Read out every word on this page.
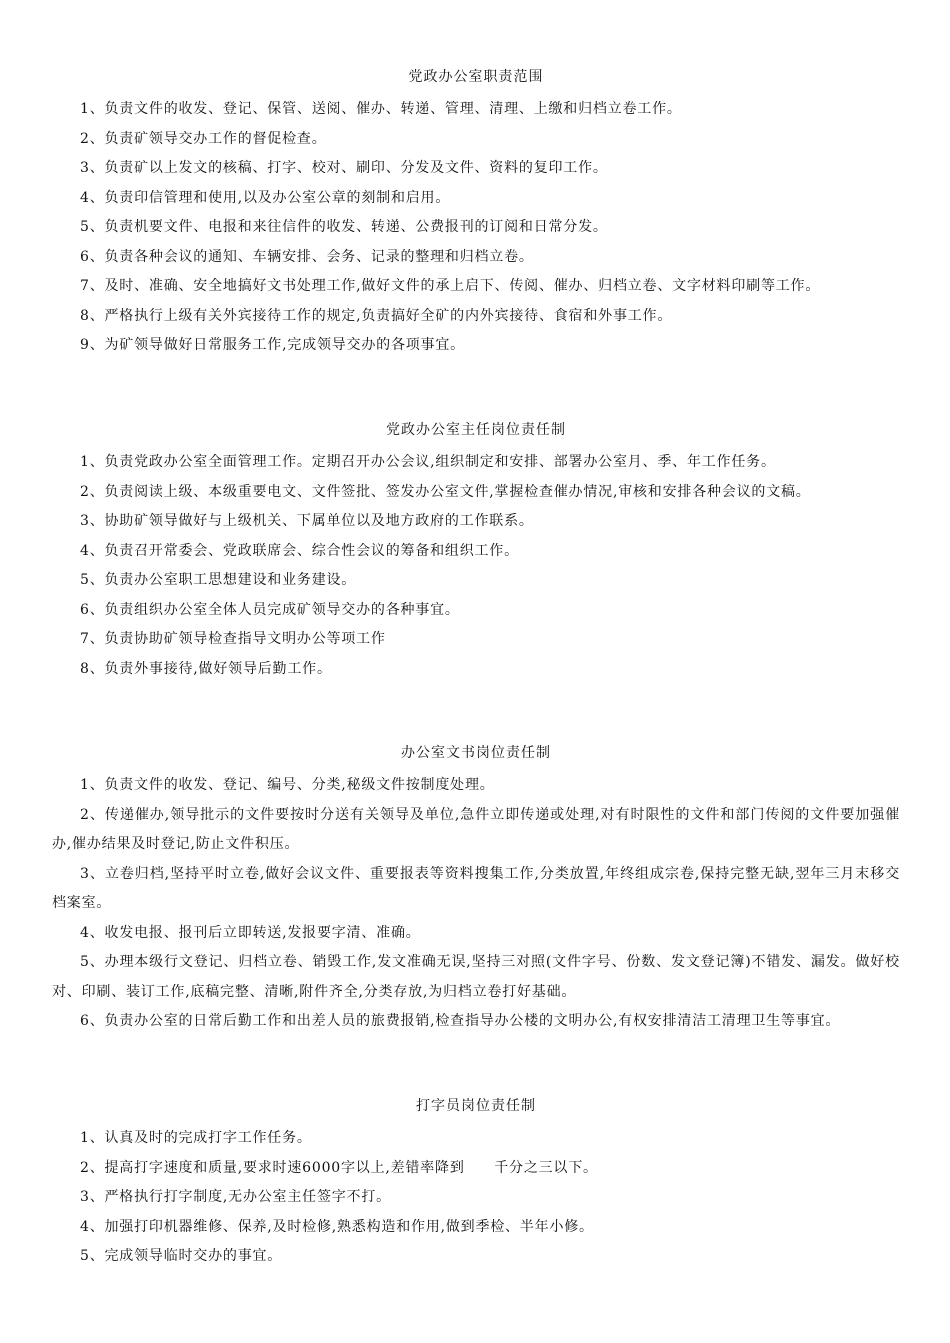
党政办公室职责范围

1、负责文件的收发、登记、保管、送阅、催办、转递、管理、清理、上缴和归档立卷工作。

2、负责矿领导交办工作的督促检查。

3、负责矿以上发文的核稿、打字、校对、刷印、分发及文件、资料的复印工作。

4、负责印信管理和使用,以及办公室公章的刻制和启用。

5、负责机要文件、电报和来往信件的收发、转递、公费报刊的订阅和日常分发。

6、负责各种会议的通知、车辆安排、会务、记录的整理和归档立卷。

7、及时、准确、安全地搞好文书处理工作,做好文件的承上启下、传阅、催办、归档立卷、文字材料印刷等工作。

8、严格执行上级有关外宾接待工作的规定,负责搞好全矿的内外宾接待、食宿和外事工作。

9、为矿领导做好日常服务工作,完成领导交办的各项事宜。

党政办公室主任岗位责任制

1、负责党政办公室全面管理工作。定期召开办公会议,组织制定和安排、部署办公室月、季、年工作任务。

2、负责阅读上级、本级重要电文、文件签批、签发办公室文件,掌握检查催办情况,审核和安排各种会议的文稿。

3、协助矿领导做好与上级机关、下属单位以及地方政府的工作联系。

4、负责召开常委会、党政联席会、综合性会议的筹备和组织工作。

5、负责办公室职工思想建设和业务建设。

6、负责组织办公室全体人员完成矿领导交办的各种事宜。

7、负责协助矿领导检查指导文明办公等项工作

8、负责外事接待,做好领导后勤工作。

办公室文书岗位责任制

1、负责文件的收发、登记、编号、分类,秘级文件按制度处理。

2、传递催办,领导批示的文件要按时分送有关领导及单位,急件立即传递或处理,对有时限性的文件和部门传阅的文件要加强催办,催办结果及时登记,防止文件积压。

3、立卷归档,坚持平时立卷,做好会议文件、重要报表等资料搜集工作,分类放置,年终组成宗卷,保持完整无缺,翌年三月末移交档案室。

4、收发电报、报刊后立即转送,发报要字清、准确。

5、办理本级行文登记、归档立卷、销毁工作,发文准确无误,坚持三对照(文件字号、份数、发文登记簿)不错发、漏发。做好校对、印刷、装订工作,底稿完整、清晰,附件齐全,分类存放,为归档立卷打好基础。

6、负责办公室的日常后勤工作和出差人员的旅费报销,检查指导办公楼的文明办公,有权安排清洁工清理卫生等事宜。

打字员岗位责任制

1、认真及时的完成打字工作任务。

2、提高打字速度和质量,要求时速6000字以上,差错率降到　　千分之三以下。

3、严格执行打字制度,无办公室主任签字不打。

4、加强打印机器维修、保养,及时检修,熟悉构造和作用,做到季检、半年小修。

5、完成领导临时交办的事宜。
